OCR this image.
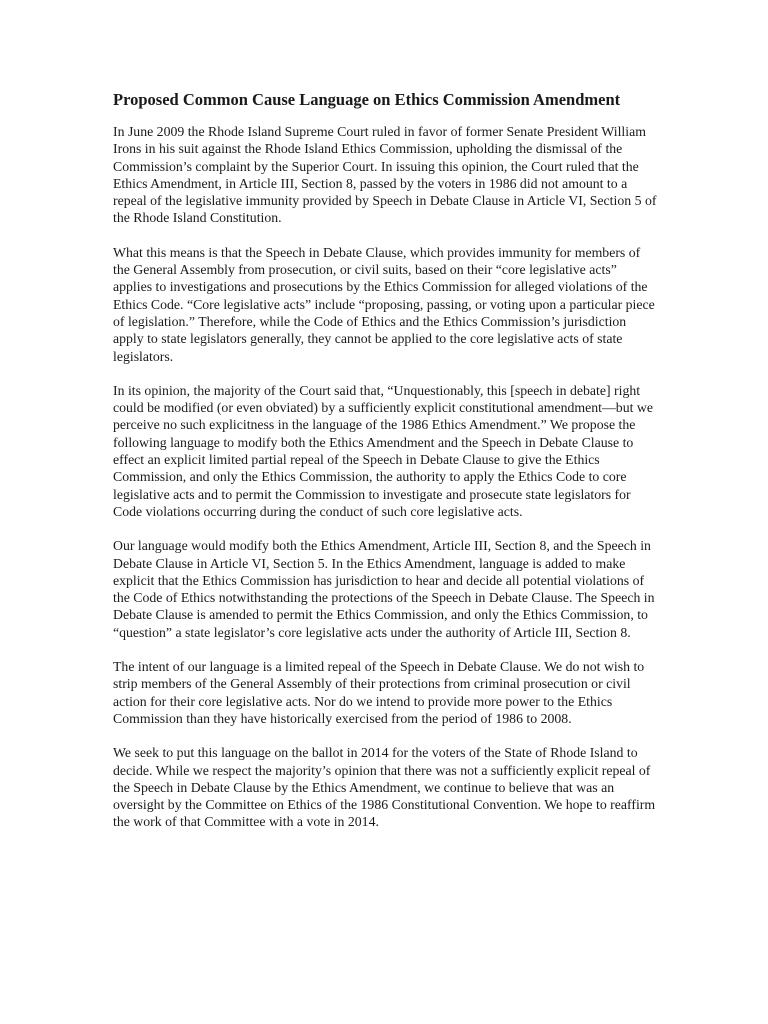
Proposed Common Cause Language on Ethics Commission Amendment

In June 2009 the Rhode Island Supreme Court ruled in favor of former Senate President William Irons in his suit against the Rhode Island Ethics Commission, upholding the dismissal of the Commission’s complaint by the Superior Court. In issuing this opinion, the Court ruled that the Ethics Amendment, in Article III, Section 8, passed by the voters in 1986 did not amount to a repeal of the legislative immunity provided by Speech in Debate Clause in Article VI, Section 5 of the Rhode Island Constitution.

What this means is that the Speech in Debate Clause, which provides immunity for members of the General Assembly from prosecution, or civil suits, based on their “core legislative acts” applies to investigations and prosecutions by the Ethics Commission for alleged violations of the Ethics Code. “Core legislative acts” include “proposing, passing, or voting upon a particular piece of legislation.” Therefore, while the Code of Ethics and the Ethics Commission’s jurisdiction apply to state legislators generally, they cannot be applied to the core legislative acts of state legislators.

In its opinion, the majority of the Court said that, “Unquestionably, this [speech in debate] right could be modified (or even obviated) by a sufficiently explicit constitutional amendment—but we perceive no such explicitness in the language of the 1986 Ethics Amendment.” We propose the following language to modify both the Ethics Amendment and the Speech in Debate Clause to effect an explicit limited partial repeal of the Speech in Debate Clause to give the Ethics Commission, and only the Ethics Commission, the authority to apply the Ethics Code to core legislative acts and to permit the Commission to investigate and prosecute state legislators for Code violations occurring during the conduct of such core legislative acts.

Our language would modify both the Ethics Amendment, Article III, Section 8, and the Speech in Debate Clause in Article VI, Section 5. In the Ethics Amendment, language is added to make explicit that the Ethics Commission has jurisdiction to hear and decide all potential violations of the Code of Ethics notwithstanding the protections of the Speech in Debate Clause. The Speech in Debate Clause is amended to permit the Ethics Commission, and only the Ethics Commission, to “question” a state legislator’s core legislative acts under the authority of Article III, Section 8.

The intent of our language is a limited repeal of the Speech in Debate Clause. We do not wish to strip members of the General Assembly of their protections from criminal prosecution or civil action for their core legislative acts. Nor do we intend to provide more power to the Ethics Commission than they have historically exercised from the period of 1986 to 2008.

We seek to put this language on the ballot in 2014 for the voters of the State of Rhode Island to decide. While we respect the majority’s opinion that there was not a sufficiently explicit repeal of the Speech in Debate Clause by the Ethics Amendment, we continue to believe that was an oversight by the Committee on Ethics of the 1986 Constitutional Convention. We hope to reaffirm the work of that Committee with a vote in 2014.
